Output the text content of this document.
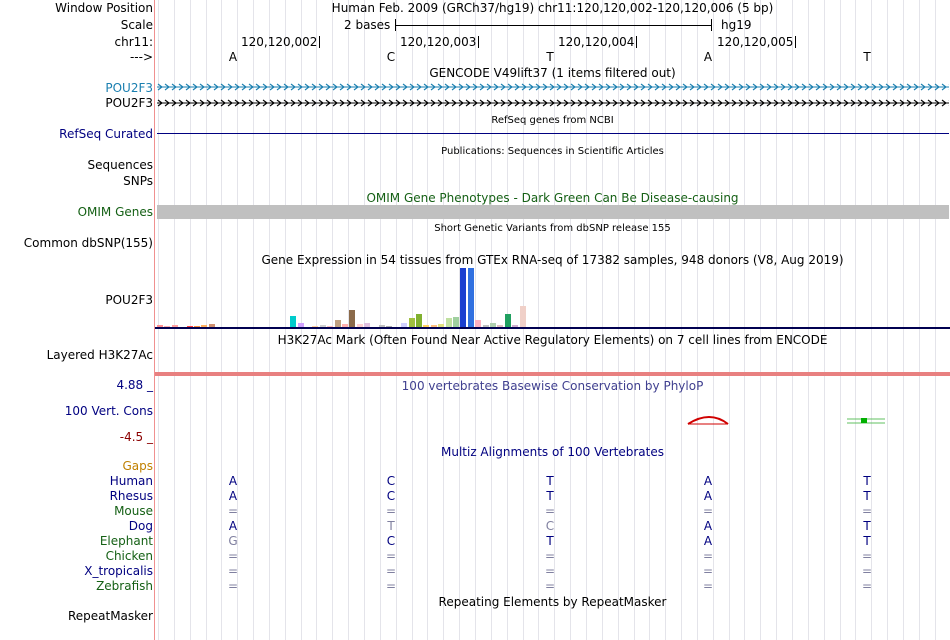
Window Position	Human Feb. 2009 (GRCh37/hg19) chr11:120,120,002-120,120,006 (5 bp)
Scale	2 bases	hg19
chr11:	120,120,002	120,120,003	120,120,004	120,120,005
--->	A	C	T	A	T
GENCODE V49lift37 (1 items filtered out)
POU2F3
POU2F3
RefSeq genes from NCBI
RefSeq Curated
Publications: Sequences in Scientific Articles
Sequences
SNPs
OMIM Gene Phenotypes - Dark Green Can Be Disease-causing
OMIM Genes
Short Genetic Variants from dbSNP release 155
Common dbSNP(155)
Gene Expression in 54 tissues from GTEx RNA-seq of 17382 samples, 948 donors (V8, Aug 2019)
POU2F3
H3K27Ac Mark (Often Found Near Active Regulatory Elements) on 7 cell lines from ENCODE
Layered H3K27Ac
100 vertebrates Basewise Conservation by PhyloP
4.88 _
100 Vert. Cons
-4.5 _
Multiz Alignments of 100 Vertebrates
Gaps
Human	A	C	T	A	T
Rhesus	A	C	T	A	T
Mouse	=	=	=	=	=
Dog	A	T	C	A	T
Elephant	G	C	T	A	T
Chicken	=	=	=	=	=
X_tropicalis	=	=	=	=	=
Zebrafish	=	=	=	=	=
Repeating Elements by RepeatMasker
RepeatMasker
